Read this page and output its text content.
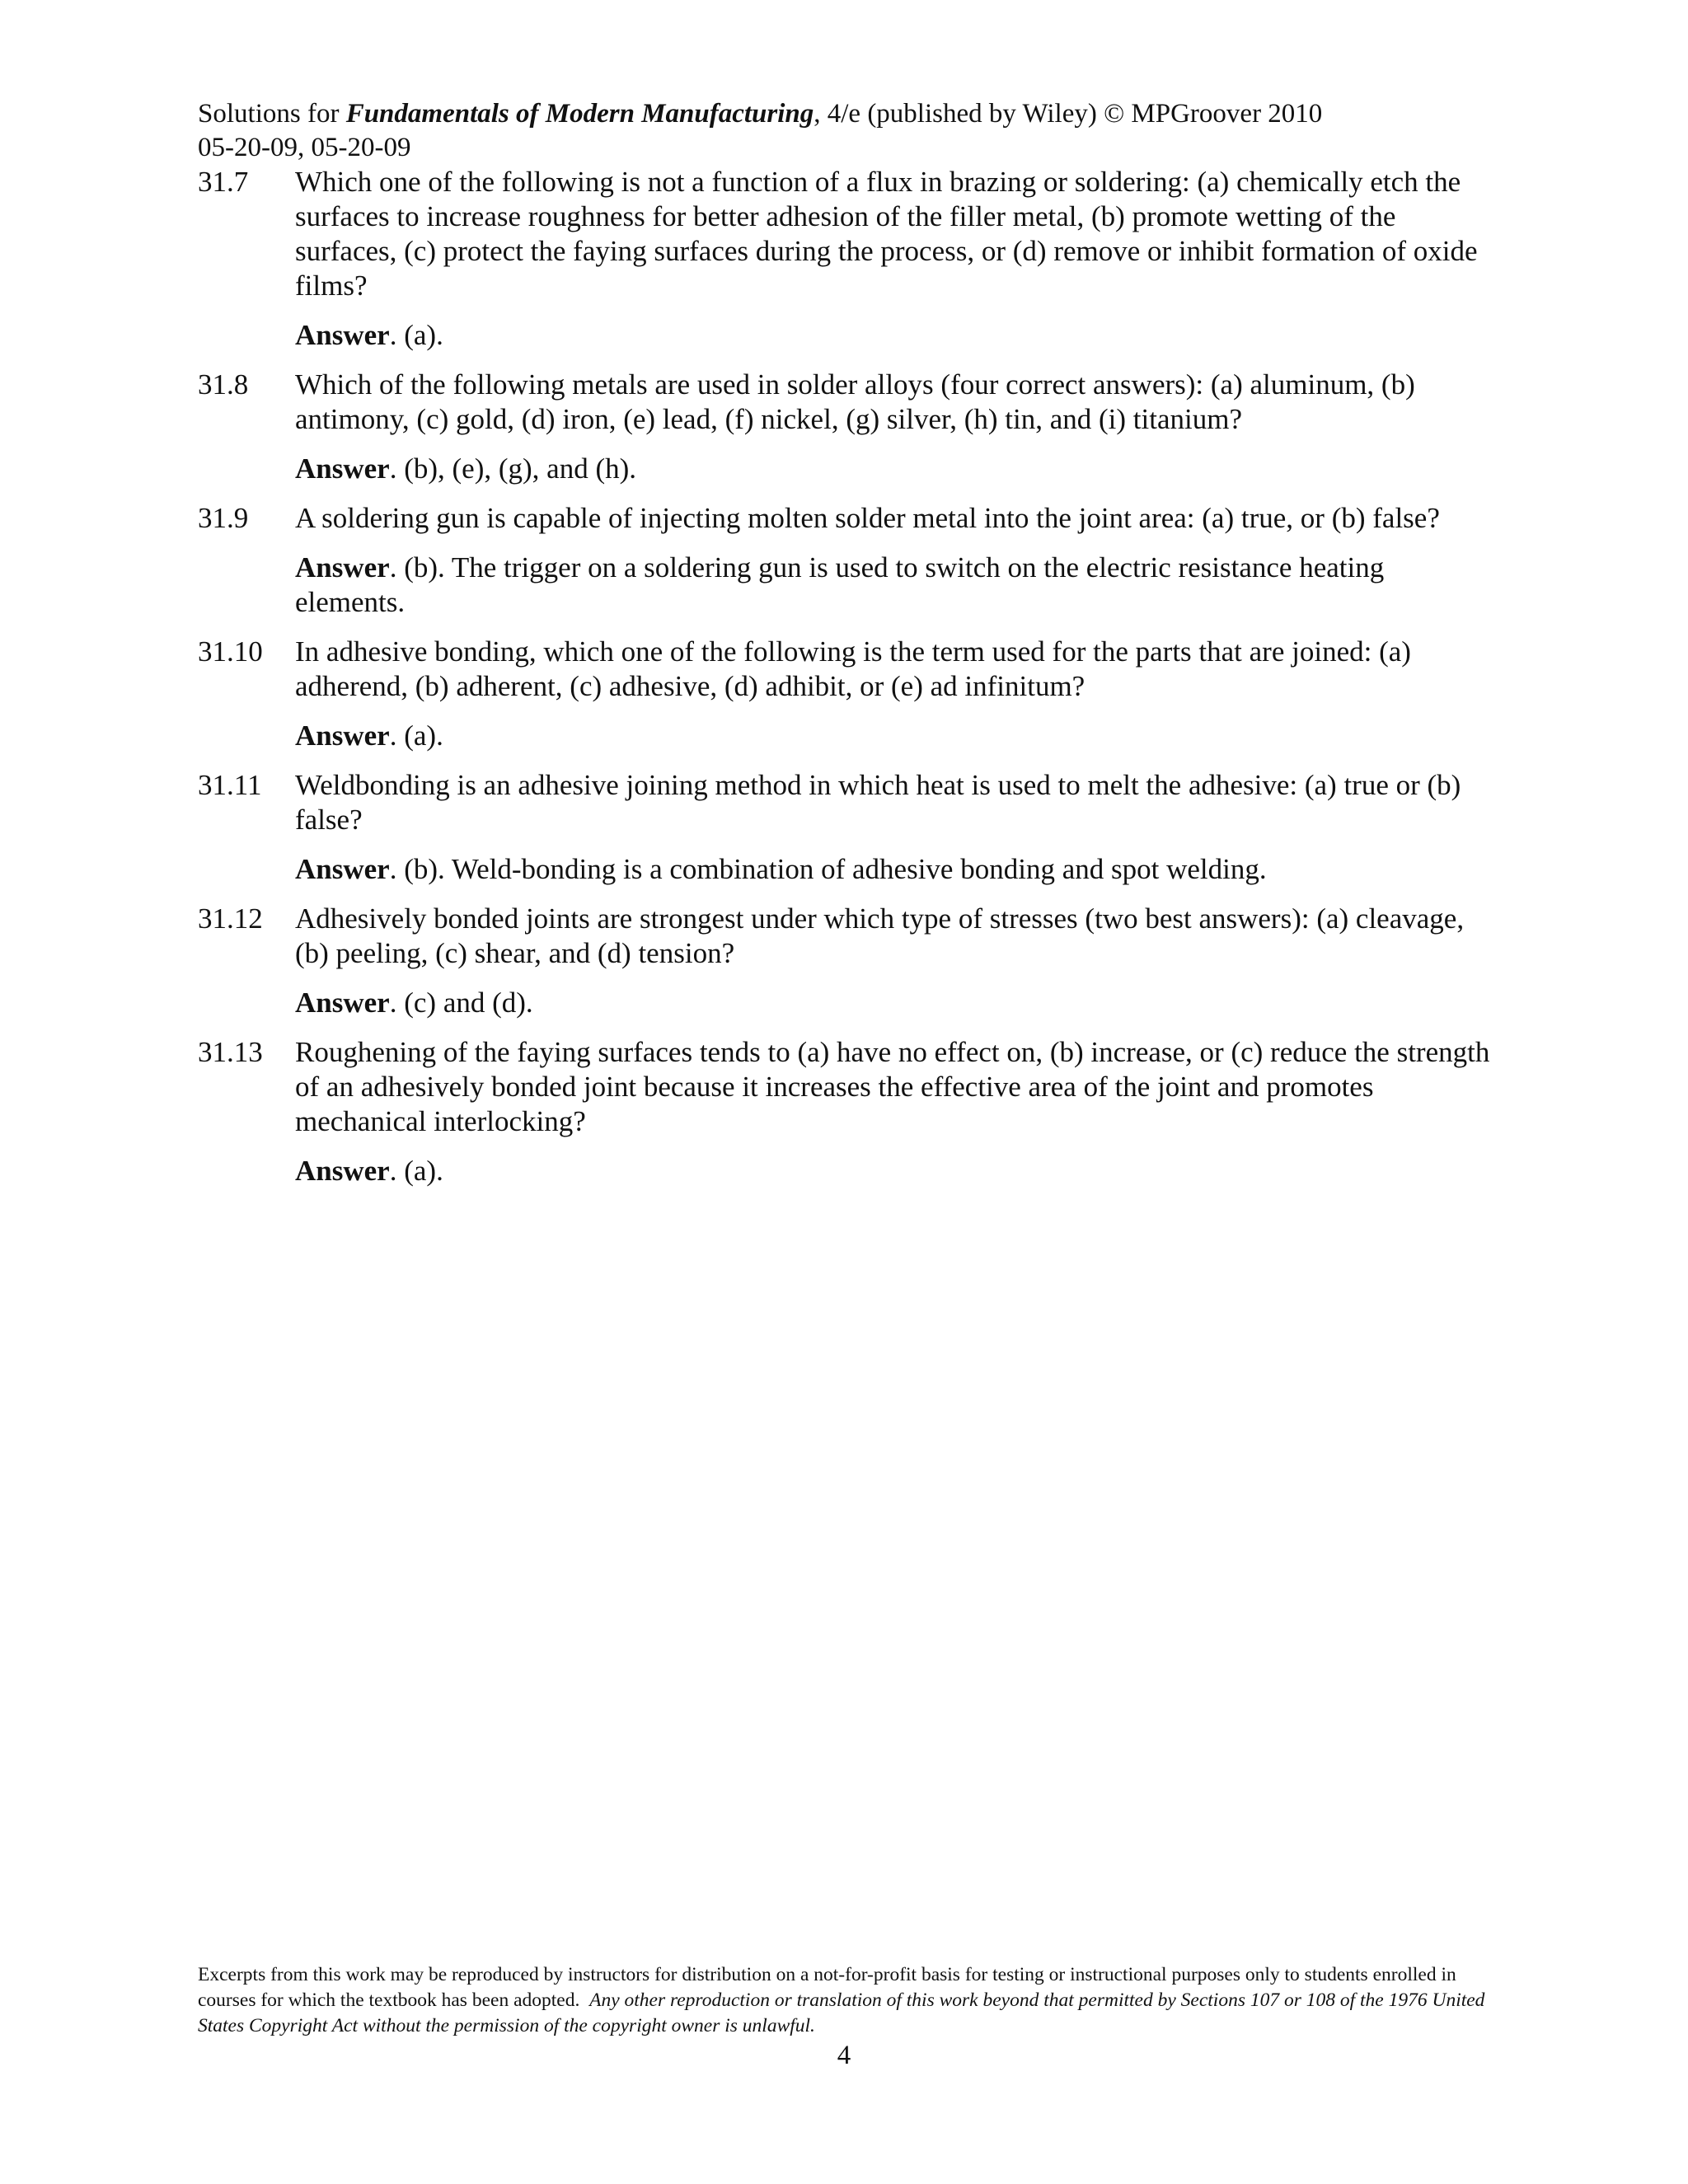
Solutions for Fundamentals of Modern Manufacturing, 4/e (published by Wiley) © MPGroover 2010
05-20-09, 05-20-09
31.7	Which one of the following is not a function of a flux in brazing or soldering: (a) chemically etch the surfaces to increase roughness for better adhesion of the filler metal, (b) promote wetting of the surfaces, (c) protect the faying surfaces during the process, or (d) remove or inhibit formation of oxide films?

Answer. (a).

31.8	Which of the following metals are used in solder alloys (four correct answers): (a) aluminum, (b) antimony, (c) gold, (d) iron, (e) lead, (f) nickel, (g) silver, (h) tin, and (i) titanium?

Answer. (b), (e), (g), and (h).

31.9	A soldering gun is capable of injecting molten solder metal into the joint area: (a) true, or (b) false?

Answer. (b). The trigger on a soldering gun is used to switch on the electric resistance heating elements.

31.10	In adhesive bonding, which one of the following is the term used for the parts that are joined: (a) adherend, (b) adherent, (c) adhesive, (d) adhibit, or (e) ad infinitum?

Answer. (a).

31.11	Weldbonding is an adhesive joining method in which heat is used to melt the adhesive: (a) true or (b) false?

Answer. (b). Weld-bonding is a combination of adhesive bonding and spot welding.

31.12	Adhesively bonded joints are strongest under which type of stresses (two best answers): (a) cleavage, (b) peeling, (c) shear, and (d) tension?

Answer. (c) and (d).

31.13	Roughening of the faying surfaces tends to (a) have no effect on, (b) increase, or (c) reduce the strength of an adhesively bonded joint because it increases the effective area of the joint and promotes mechanical interlocking?

Answer. (a).

Excerpts from this work may be reproduced by instructors for distribution on a not-for-profit basis for testing or instructional purposes only to students enrolled in courses for which the textbook has been adopted. Any other reproduction or translation of this work beyond that permitted by Sections 107 or 108 of the 1976 United States Copyright Act without the permission of the copyright owner is unlawful.
4
